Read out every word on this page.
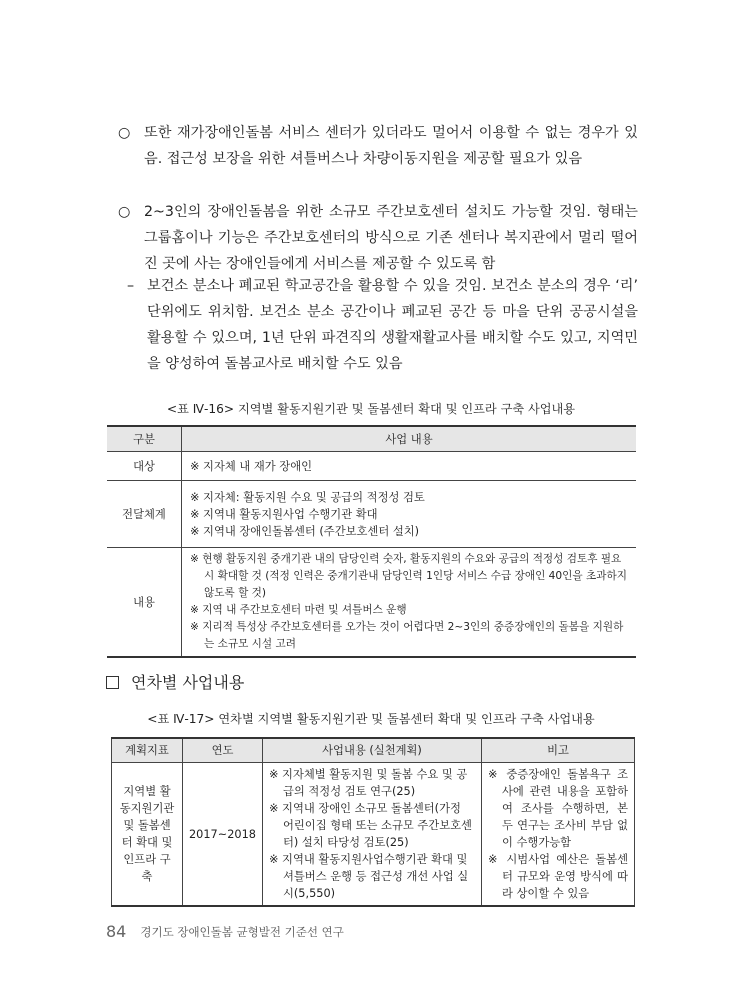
○ 또한 재가장애인돌봄 서비스 센터가 있더라도 멀어서 이용할 수 없는 경우가 있음. 접근성 보장을 위한 셔틀버스나 차량이동지원을 제공할 필요가 있음
○ 2~3인의 장애인돌봄을 위한 소규모 주간보호센터 설치도 가능할 것임. 형태는 그룹홈이나 기능은 주간보호센터의 방식으로 기존 센터나 복지관에서 멀리 떨어진 곳에 사는 장애인들에게 서비스를 제공할 수 있도록 함
– 보건소 분소나 폐교된 학교공간을 활용할 수 있을 것임. 보건소 분소의 경우 ‘리’ 단위에도 위치함. 보건소 분소 공간이나 폐교된 공간 등 마을 단위 공공시설을 활용할 수 있으며, 1년 단위 파견직의 생활재활교사를 배치할 수도 있고, 지역민을 양성하여 돌봄교사로 배치할 수도 있음
<표 Ⅳ-16> 지역별 활동지원기관 및 돌봄센터 확대 및 인프라 구축 사업내용
구분	사업 내용
대상	※ 지자체 내 재가 장애인

전달체계	※ 지자체: 활동지원 수요 및 공급의 적정성 검토
※ 지역내 활동지원사업 수행기관 확대
※ 지역내 장애인돌봄센터 (주간보호센터 설치)

내용	※ 현행 활동지원 중개기관 내의 담당인력 숫자, 활동지원의 수요와 공급의 적정성 검토후 필요시 확대할 것 (적정 인력은 중개기관내 담당인력 1인당 서비스 수급 장애인 40인을 초과하지 않도록 할 것)
※ 지역 내 주간보호센터 마련 및 셔틀버스 운행
※ 지리적 특성상 주간보호센터를 오가는 것이 어렵다면 2~3인의 중증장애인의 돌봄을 지원하는 소규모 시설 고려
연차별 사업내용
<표 Ⅳ-17> 연차별 지역별 활동지원기관 및 돌봄센터 확대 및 인프라 구축 사업내용
계획지표	연도	사업내용 (실천계획)	비고
지역별 활동지원기관 및 돌봄센터 확대 및 인프라 구축	2017~2018	※ 지자체별 활동지원 및 돌봄 수요 및 공급의 적정성 검토 연구(25)
※ 지역내 장애인 소규모 돌봄센터(가정 어린이집 형태 또는 소규모 주간보호센터) 설치 타당성 검토(25)
※ 지역내 활동지원사업수행기관 확대 및 셔틀버스 운행 등 접근성 개선 사업 실시(5,550)	※ 중증장애인 돌봄욕구 조사에 관련 내용을 포함하여 조사를 수행하면, 본 두 연구는 조사비 부담 없이 수행가능함
※ 시범사업 예산은 돌봄센터 규모와 운영 방식에 따라 상이할 수 있음
84 경기도 장애인돌봄 균형발전 기준선 연구
